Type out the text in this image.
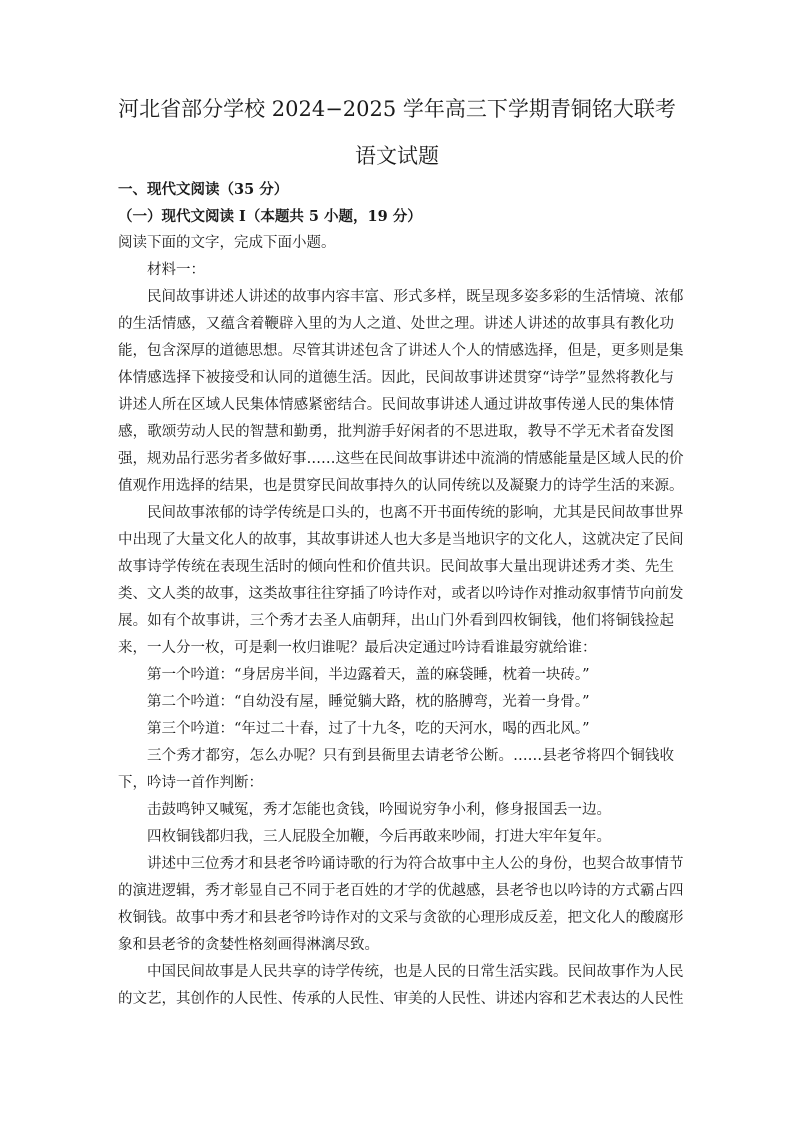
河北省部分学校 2024−2025 学年高三下学期青铜铭大联考
语文试题
一、现代文阅读（35 分）
（一）现代文阅读 I（本题共 5 小题，19 分）
阅读下面的文字，完成下面小题。
材料一：
民间故事讲述人讲述的故事内容丰富、形式多样，既呈现多姿多彩的生活情境、浓郁
的生活情感，又蕴含着鞭辟入里的为人之道、处世之理。讲述人讲述的故事具有教化功
能，包含深厚的道德思想。尽管其讲述包含了讲述人个人的情感选择，但是，更多则是集
体情感选择下被接受和认同的道德生活。因此，民间故事讲述贯穿“诗学”显然将教化与
讲述人所在区域人民集体情感紧密结合。民间故事讲述人通过讲故事传递人民的集体情
感，歌颂劳动人民的智慧和勤勇，批判游手好闲者的不思进取，教导不学无术者奋发图
强，规劝品行恶劣者多做好事……这些在民间故事讲述中流淌的情感能量是区域人民的价
值观作用选择的结果，也是贯穿民间故事持久的认同传统以及凝聚力的诗学生活的来源。
民间故事浓郁的诗学传统是口头的，也离不开书面传统的影响，尤其是民间故事世界
中出现了大量文化人的故事，其故事讲述人也大多是当地识字的文化人，这就决定了民间
故事诗学传统在表现生活时的倾向性和价值共识。民间故事大量出现讲述秀才类、先生
类、文人类的故事，这类故事往往穿插了吟诗作对，或者以吟诗作对推动叙事情节向前发
展。如有个故事讲，三个秀才去圣人庙朝拜，出山门外看到四枚铜钱，他们将铜钱捡起
来，一人分一枚，可是剩一枚归谁呢？最后决定通过吟诗看谁最穷就给谁：
第一个吟道：“身居房半间，半边露着天，盖的麻袋睡，枕着一块砖。”
第二个吟道：“自幼没有屋，睡觉躺大路，枕的胳膊弯，光着一身骨。”
第三个吟道：“年过二十春，过了十九冬，吃的天河水，喝的西北风。”
三个秀才都穷，怎么办呢？只有到县衙里去请老爷公断。……县老爷将四个铜钱收
下，吟诗一首作判断：
击鼓鸣钟又喊冤，秀才怎能也贪钱，吟囤说穷争小利，修身报国丢一边。
四枚铜钱都归我，三人屁股全加鞭，今后再敢来吵闹，打进大牢年复年。
讲述中三位秀才和县老爷吟诵诗歌的行为符合故事中主人公的身份，也契合故事情节
的演进逻辑，秀才彰显自己不同于老百姓的才学的优越感，县老爷也以吟诗的方式霸占四
枚铜钱。故事中秀才和县老爷吟诗作对的文采与贪欲的心理形成反差，把文化人的酸腐形
象和县老爷的贪婪性格刻画得淋漓尽致。
中国民间故事是人民共享的诗学传统，也是人民的日常生活实践。民间故事作为人民
的文艺，其创作的人民性、传承的人民性、审美的人民性、讲述内容和艺术表达的人民性
